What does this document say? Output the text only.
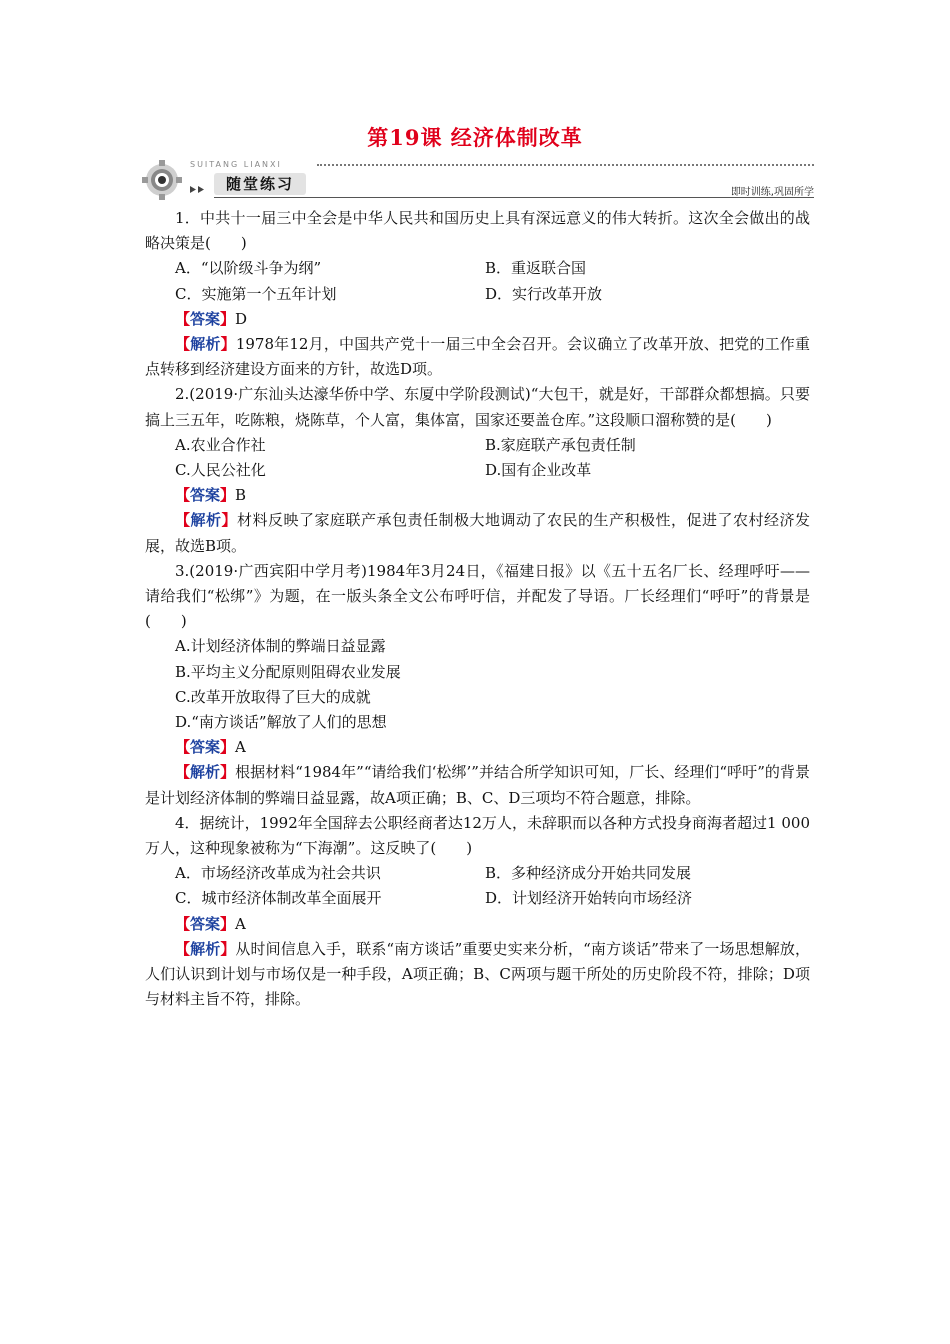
第19课 经济体制改革
SUITANG LIANXI
随堂练习	即时训练,巩固所学

1．中共十一届三中全会是中华人民共和国历史上具有深远意义的伟大转折。这次全会做出的战略决策是(　　)

A．“以阶级斗争为纲”	B．重返联合国
C．实施第一个五年计划	D．实行改革开放

【答案】D

【解析】1978年12月，中国共产党十一届三中全会召开。会议确立了改革开放、把党的工作重点转移到经济建设方面来的方针，故选D项。

2.(2019·广东汕头达濠华侨中学、东厦中学阶段测试)“大包干，就是好，干部群众都想搞。只要搞上三五年，吃陈粮，烧陈草，个人富，集体富，国家还要盖仓库。”这段顺口溜称赞的是(　　)

A.农业合作社	B.家庭联产承包责任制
C.人民公社化	D.国有企业改革

【答案】B

【解析】材料反映了家庭联产承包责任制极大地调动了农民的生产积极性，促进了农村经济发展，故选B项。

3.(2019·广西宾阳中学月考)1984年3月24日，《福建日报》以《五十五名厂长、经理呼吁——请给我们“松绑”》为题，在一版头条全文公布呼吁信，并配发了导语。厂长经理们“呼吁”的背景是(　　)

A.计划经济体制的弊端日益显露
B.平均主义分配原则阻碍农业发展
C.改革开放取得了巨大的成就
D.“南方谈话”解放了人们的思想

【答案】A

【解析】根据材料“1984年”“请给我们‘松绑’”并结合所学知识可知，厂长、经理们“呼吁”的背景是计划经济体制的弊端日益显露，故A项正确；B、C、D三项均不符合题意，排除。

4．据统计，1992年全国辞去公职经商者达12万人，未辞职而以各种方式投身商海者超过1 000万人，这种现象被称为“下海潮”。这反映了(　　)

A．市场经济改革成为社会共识	B．多种经济成分开始共同发展
C．城市经济体制改革全面展开	D．计划经济开始转向市场经济

【答案】A

【解析】从时间信息入手，联系“南方谈话”重要史实来分析，“南方谈话”带来了一场思想解放，人们认识到计划与市场仅是一种手段，A项正确；B、C两项与题干所处的历史阶段不符，排除；D项与材料主旨不符，排除。
